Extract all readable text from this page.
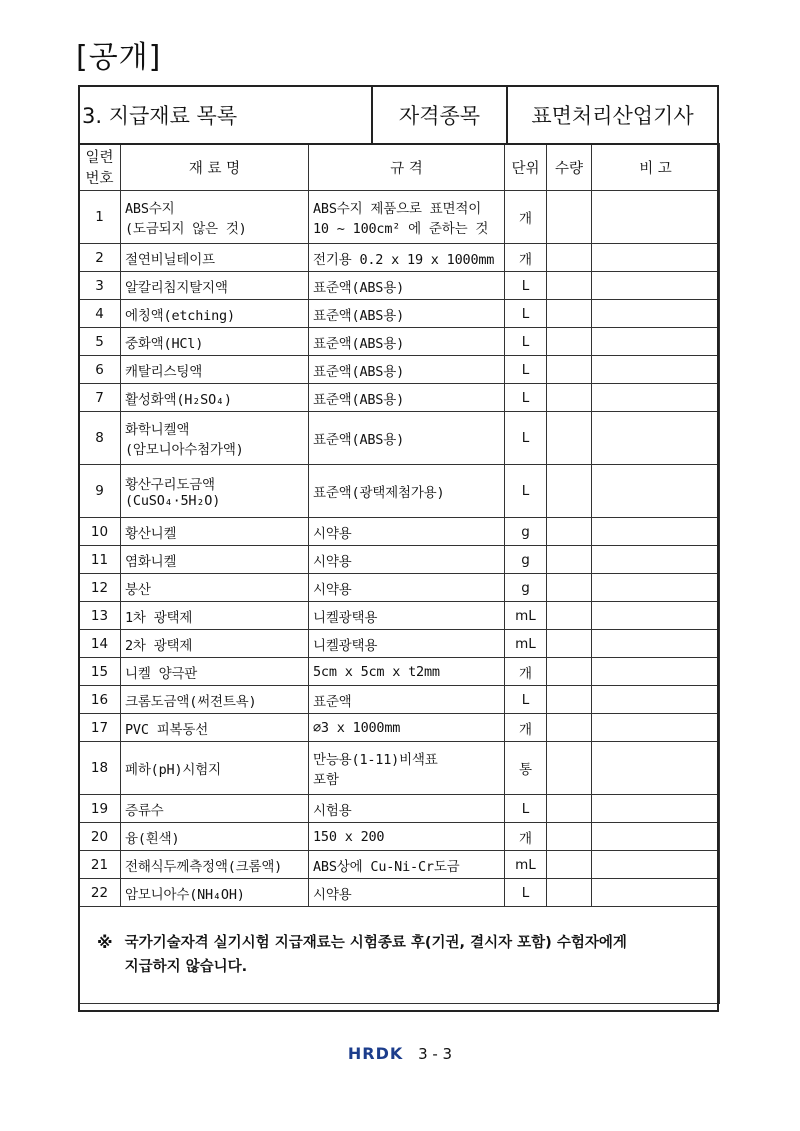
[공개]
3. 지급재료 목록	자격종목	표면처리산업기사
일련
번호	재 료 명	규 격	단위	수량	비 고
1	ABS수지
(도금되지 않은 것)	ABS수지 제품으로 표면적이
10 ~ 100cm² 에 준하는 것	개		
2	절연비닐테이프	전기용 0.2 x 19 x 1000mm	개		
3	알칼리침지탈지액	표준액(ABS용)	L		
4	에칭액(etching)	표준액(ABS용)	L		
5	중화액(HCl)	표준액(ABS용)	L		
6	캐탈리스팅액	표준액(ABS용)	L		
7	활성화액(H₂SO₄)	표준액(ABS용)	L		
8	화학니켈액
(암모니아수첨가액)	표준액(ABS용)	L		
9	황산구리도금액
(CuSO₄·5H₂O)	표준액(광택제첨가용)	L		
10	황산니켈	시약용	g		
11	염화니켈	시약용	g		
12	붕산	시약용	g		
13	1차 광택제	니켈광택용	mL		
14	2차 광택제	니켈광택용	mL		
15	니켈 양극판	5cm x 5cm x t2mm	개		
16	크롬도금액(써젼트욕)	표준액	L		
17	PVC 피복동선	∅3 x 1000mm	개		
18	페하(pH)시험지	만능용(1-11)비색표
포함	통		
19	증류수	시험용	L		
20	융(흰색)	150 x 200	개		
21	전해식두께측정액(크롬액)	ABS상에 Cu-Ni-Cr도금	mL		
22	암모니아수(NH₄OH)	시약용	L		

※ 국가기술자격 실기시험 지급재료는 시험종료 후(기권, 결시자 포함) 수험자에게
지급하지 않습니다.					
HRDK 3 - 3
